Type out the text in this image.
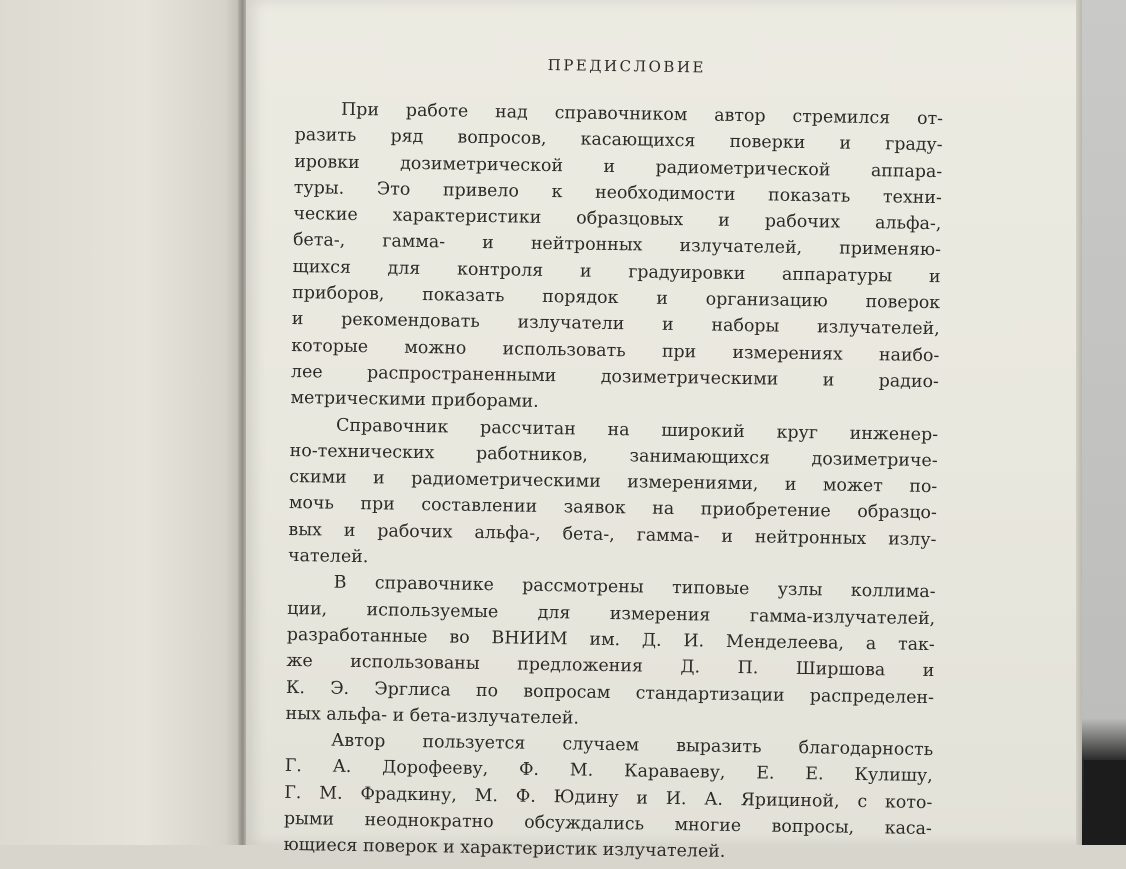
ПРЕДИСЛОВИЕ
При работе над справочником автор стремился от-
разить ряд вопросов, касающихся поверки и граду-
ировки дозиметрической и радиометрической аппара-
туры. Это привело к необходимости показать техни-
ческие характеристики образцовых и рабочих альфа-,
бета-, гамма- и нейтронных излучателей, применяю-
щихся для контроля и градуировки аппаратуры и
приборов, показать порядок и организацию поверок
и рекомендовать излучатели и наборы излучателей,
которые можно использовать при измерениях наибо-
лее распространенными дозиметрическими и радио-
метрическими приборами.
Справочник рассчитан на широкий круг инженер-
но-технических работников, занимающихся дозиметриче-
скими и радиометрическими измерениями, и может по-
мочь при составлении заявок на приобретение образцо-
вых и рабочих альфа-, бета-, гамма- и нейтронных излу-
чателей.
В справочнике рассмотрены типовые узлы коллима-
ции, используемые для измерения гамма-излучателей,
разработанные во ВНИИМ им. Д. И. Менделеева, а так-
же использованы предложения Д. П. Ширшова и
К. Э. Эрглиса по вопросам стандартизации распределен-
ных альфа- и бета-излучателей.
Автор пользуется случаем выразить благодарность
Г. А. Дорофееву, Ф. М. Караваеву, Е. Е. Кулишу,
Г. М. Фрадкину, М. Ф. Юдину и И. А. Ярициной, с кото-
рыми неоднократно обсуждались многие вопросы, каса-
ющиеся поверок и характеристик излучателей.
